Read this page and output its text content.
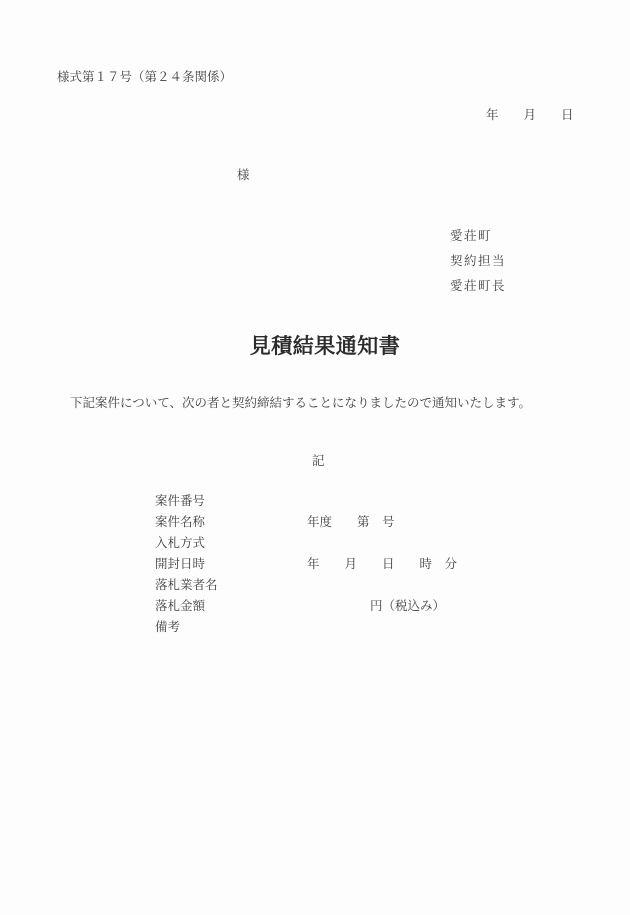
様式第１７号（第２４条関係）
年　　月　　日
様
愛荘町
契約担当
愛荘町長
見積結果通知書
下記案件について、次の者と契約締結することになりましたので通知いたします。
記
案件番号
案件名称	年度　　第　号
入札方式
開封日時	年　　月　　日　　時　分
落札業者名
落札金額	円（税込み）
備考
